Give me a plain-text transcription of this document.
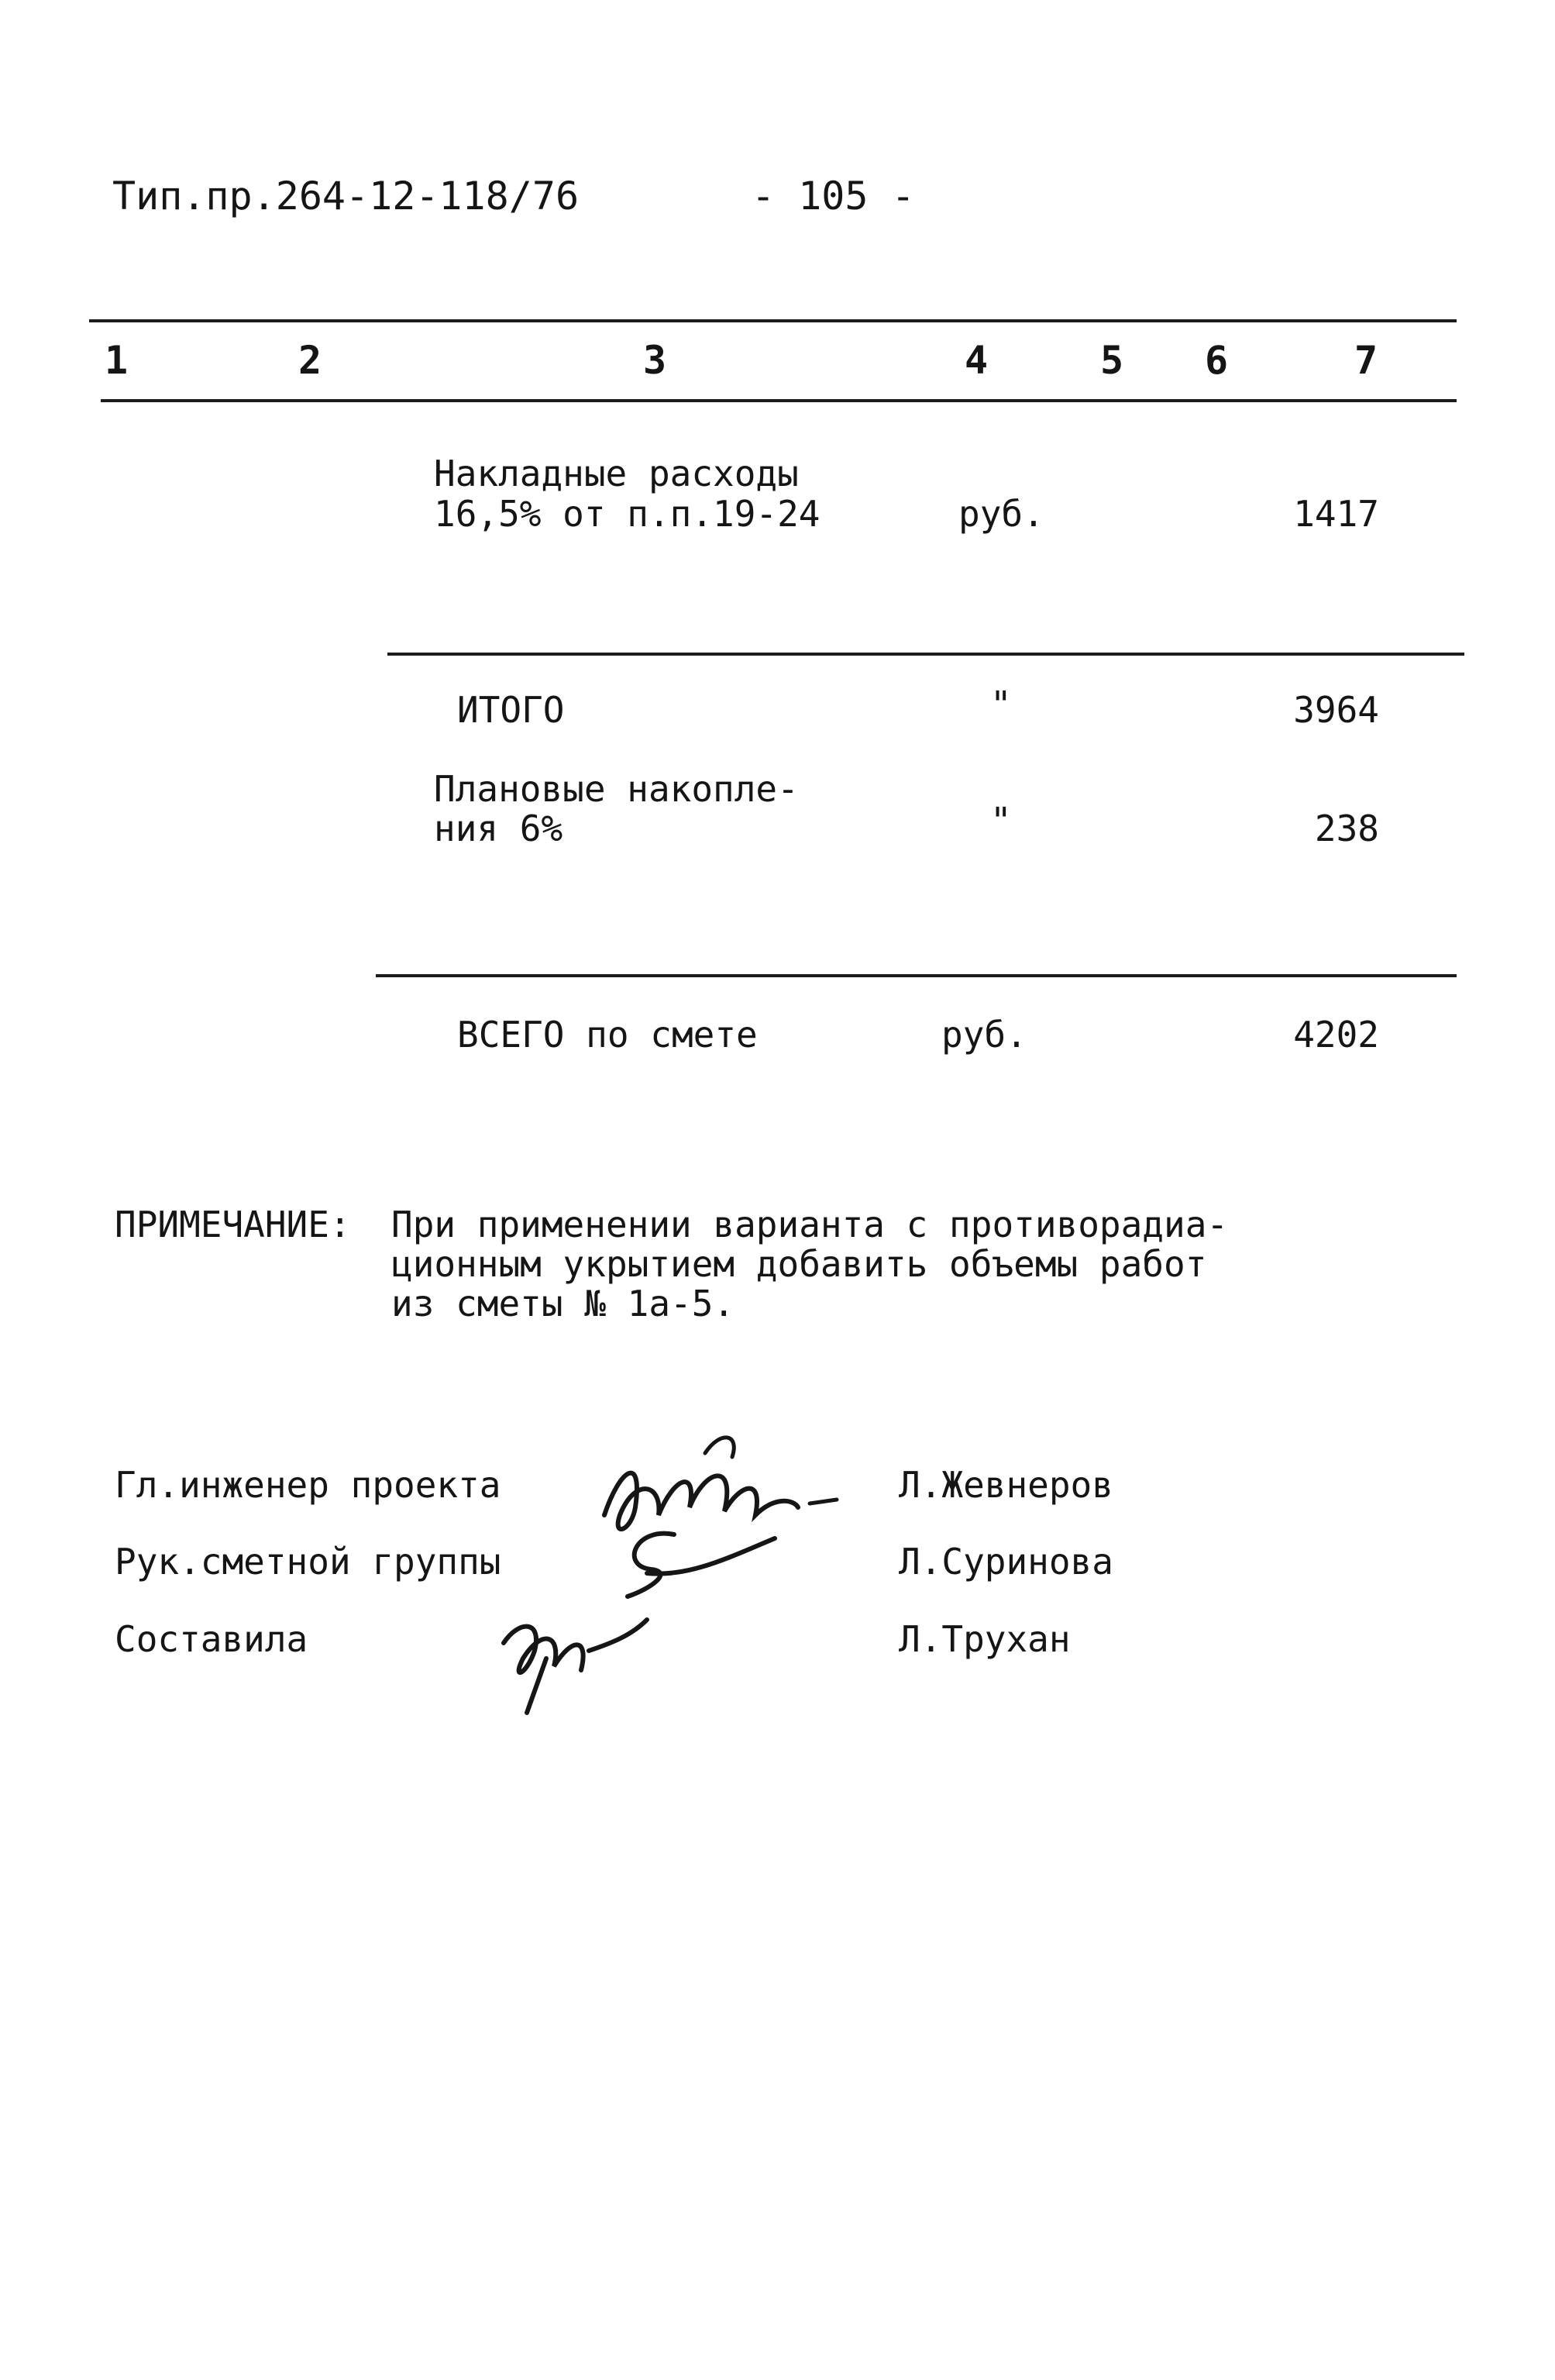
Тип.пр.264-12-118/76	- 105 -
1	2	3	4	5 6	7
Накладные расходы
16,5% от п.п.19-24	руб.	1417
ИТОГО	"	3964
Плановые накопле-
ния 6%	"	238
ВСЕГО по смете	руб.	4202
ПРИМЕЧАНИЕ: При применении варианта с противорадиа-
ционным укрытием добавить объемы работ
из сметы № 1а-5.
Гл.инженер проекта	Л.Жевнеров
Рук.сметной группы	Л.Суринова
Составила	Л.Трухан
